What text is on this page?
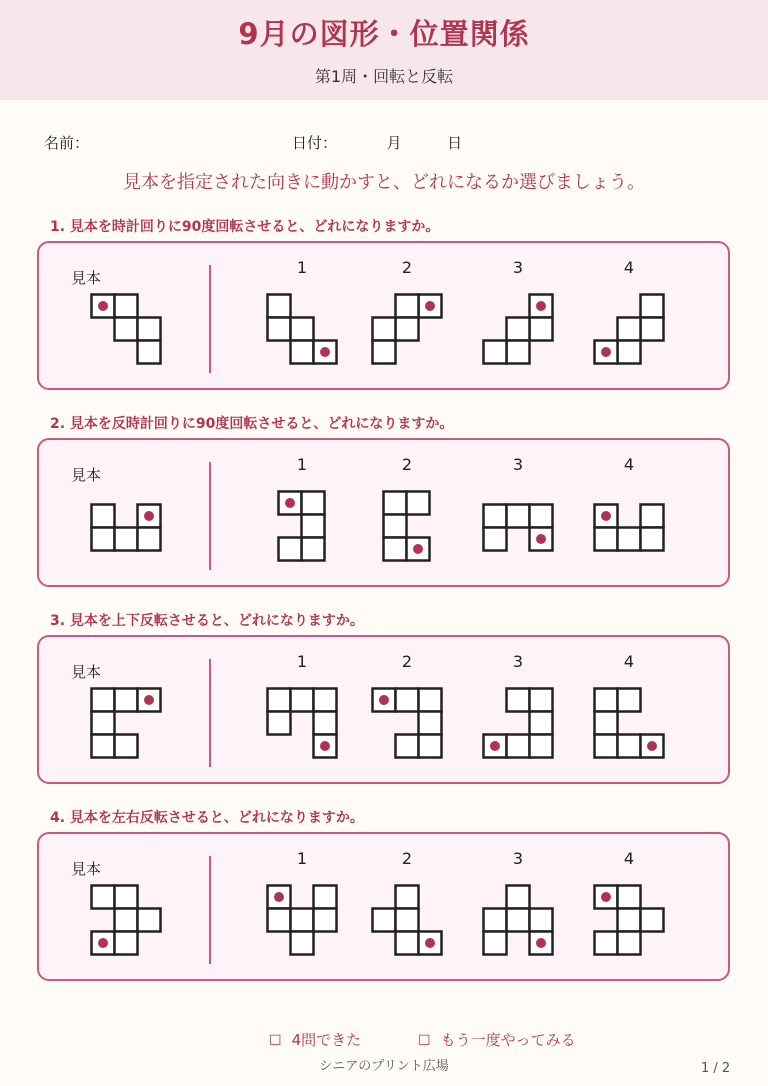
9月の図形・位置関係
第1周・回転と反転
名前：	日付：	月	日
見本を指定された向きに動かすと、どれになるか選びましょう。
1. 見本を時計回りに90度回転させると、どれになりますか。
見本
1	2	3	4
2. 見本を反時計回りに90度回転させると、どれになりますか。
見本
1	2	3	4
3. 見本を上下反転させると、どれになりますか。
見本
1	2	3	4
4. 見本を左右反転させると、どれになりますか。
見本
1	2	3	4
☐ 4問できた	☐ もう一度やってみる
シニアのプリント広場	1 / 2
